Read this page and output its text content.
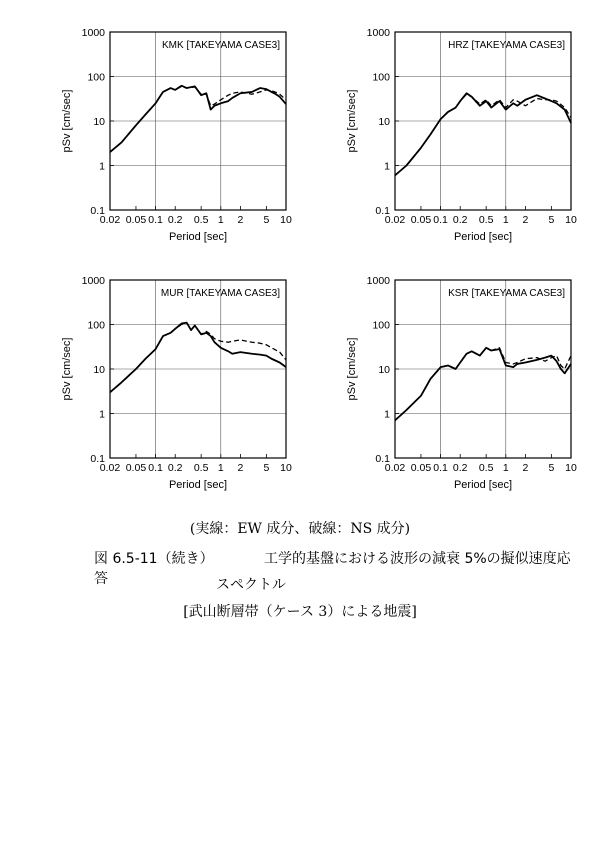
0.02 0.05 0.1 0.2 0.5 1 2 5 10
0.1
1
10
100
1000
Period [sec]
pSv [cm/sec]
KMK [TAKEYAMA CASE3]
0.02 0.05 0.1 0.2 0.5 1 2 5 10
0.1
1
10
100
1000
Period [sec]
pSv [cm/sec]
HRZ [TAKEYAMA CASE3]
0.02 0.05 0.1 0.2 0.5 1 2 5 10
0.1
1
10
100
1000
Period [sec]
pSv [cm/sec]
MUR [TAKEYAMA CASE3]
0.02 0.05 0.1 0.2 0.5 1 2 5 10
0.1
1
10
100
1000
Period [sec]
pSv [cm/sec]
KSR [TAKEYAMA CASE3]
(実線：EW 成分、破線：NS 成分)
図 6.5-11（続き）	工学的基盤における波形の減衰 5%の擬似速度応答	スペクトル
[武山断層帯（ケース 3）による地震]
